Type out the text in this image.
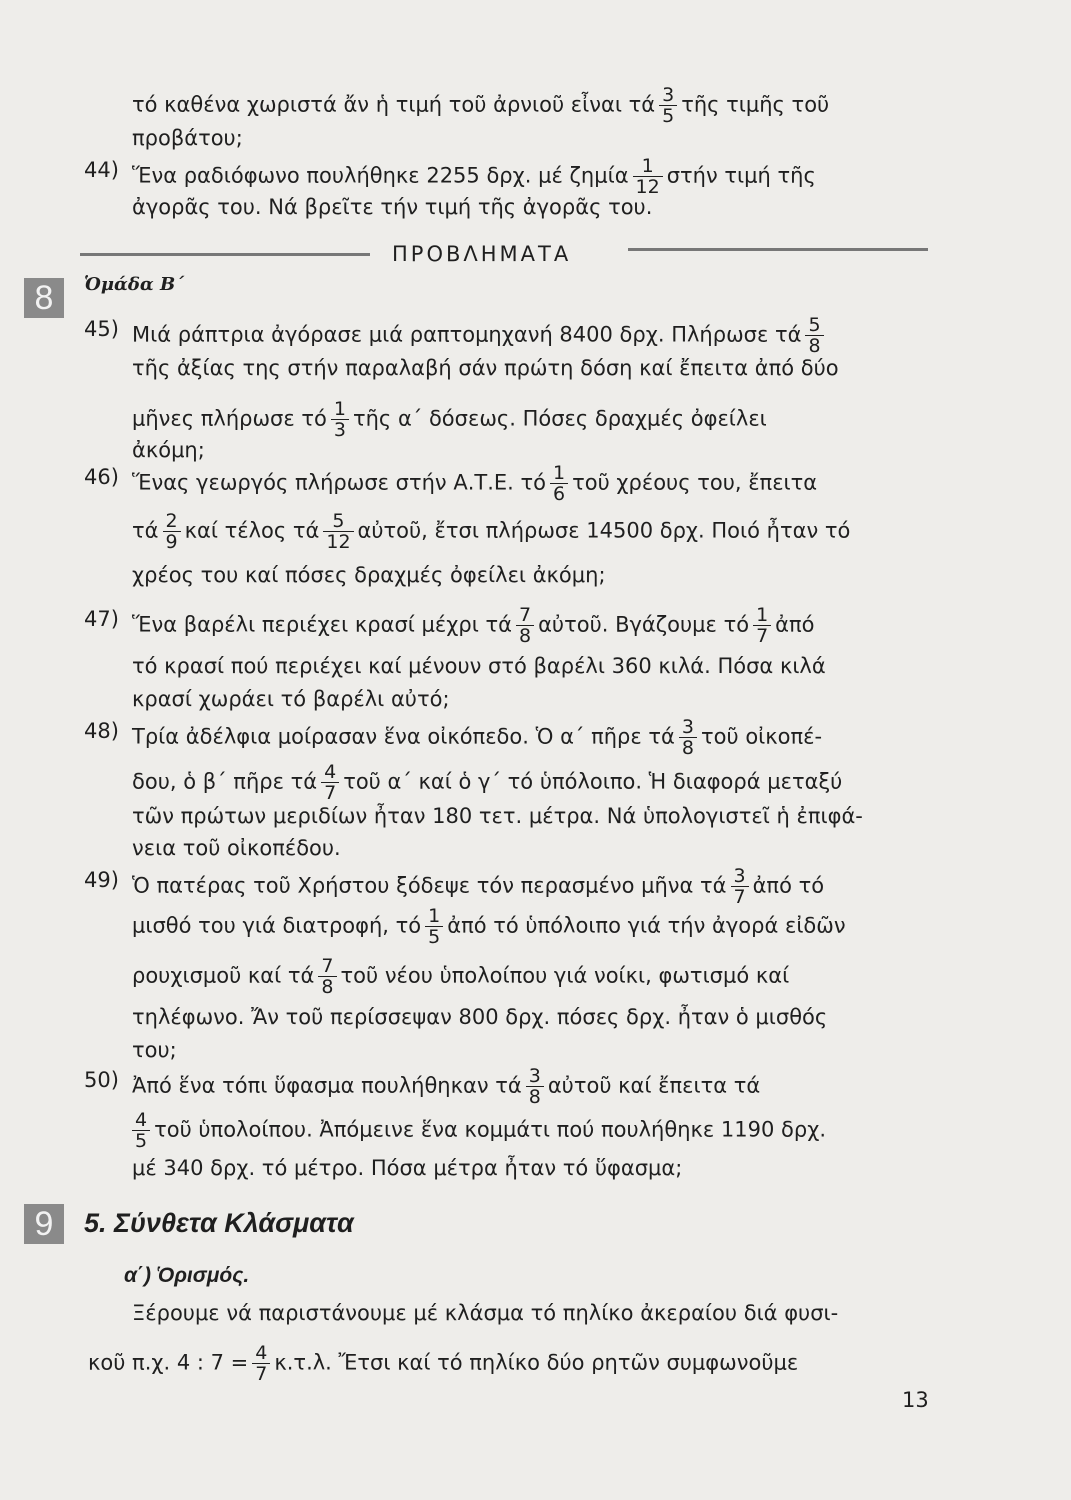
τό καθένα χωριστά ἄν ἡ τιμή τοῦ ἀρνιοῦ εἶναι τά $\frac{3}{5}$ τῆς τιμῆς τοῦ
προβάτου;
44) Ἕνα ραδιόφωνο πουλήθηκε 2255 δρχ. μέ ζημία $\frac{1}{12}$ στήν τιμή τῆς
ἀγορᾶς του. Νά βρεῖτε τήν τιμή τῆς ἀγορᾶς του.
ΠΡΟΒΛΗΜΑΤΑ
8	Ὁμάδα Β΄
45) Μιά ράπτρια ἀγόρασε μιά ραπτομηχανή 8400 δρχ. Πλήρωσε τά $\frac{5}{8}$
τῆς ἀξίας της στήν παραλαβή σάν πρώτη δόση καί ἔπειτα ἀπό δύο
μῆνες πλήρωσε τό $\frac{1}{3}$ τῆς α΄ δόσεως. Πόσες δραχμές ὀφείλει
ἀκόμη;
46) Ἕνας γεωργός πλήρωσε στήν Α.Τ.Ε. τό $\frac{1}{6}$ τοῦ χρέους του, ἔπειτα
τά $\frac{2}{9}$ καί τέλος τά $\frac{5}{12}$ αὐτοῦ, ἔτσι πλήρωσε 14500 δρχ. Ποιό ἦταν τό
χρέος του καί πόσες δραχμές ὀφείλει ἀκόμη;
47) Ἕνα βαρέλι περιέχει κρασί μέχρι τά $\frac{7}{8}$ αὐτοῦ. Βγάζουμε τό $\frac{1}{7}$ ἀπό
τό κρασί πού περιέχει καί μένουν στό βαρέλι 360 κιλά. Πόσα κιλά
κρασί χωράει τό βαρέλι αὐτό;
48) Τρία ἀδέλφια μοίρασαν ἕνα οἰκόπεδο. Ὁ α΄ πῆρε τά $\frac{3}{8}$ τοῦ οἰκοπέ-
δου, ὁ β΄ πῆρε τά $\frac{4}{7}$ τοῦ α΄ καί ὁ γ΄ τό ὑπόλοιπο. Ἡ διαφορά μεταξύ
τῶν πρώτων μεριδίων ἦταν 180 τετ. μέτρα. Νά ὑπολογιστεῖ ἡ ἐπιφά-
νεια τοῦ οἰκοπέδου.
49) Ὁ πατέρας τοῦ Χρήστου ξόδεψε τόν περασμένο μῆνα τά $\frac{3}{7}$ ἀπό τό
μισθό του γιά διατροφή, τό $\frac{1}{5}$ ἀπό τό ὑπόλοιπο γιά τήν ἀγορά εἰδῶν
ρουχισμοῦ καί τά $\frac{7}{8}$ τοῦ νέου ὑπολοίπου γιά νοίκι, φωτισμό καί
τηλέφωνο. Ἄν τοῦ περίσσεψαν 800 δρχ. πόσες δρχ. ἦταν ὁ μισθός
του;
50) Ἀπό ἕνα τόπι ὕφασμα πουλήθηκαν τά $\frac{3}{8}$ αὐτοῦ καί ἔπειτα τά
$\frac{4}{5}$ τοῦ ὑπολοίπου. Ἀπόμεινε ἕνα κομμάτι πού πουλήθηκε 1190 δρχ.
μέ 340 δρχ. τό μέτρο. Πόσα μέτρα ἦταν τό ὕφασμα;
9	5. Σύνθετα Κλάσματα
α΄) Ὁρισμός.
Ξέρουμε νά παριστάνουμε μέ κλάσμα τό πηλίκο ἀκεραίου διά φυσι-
κοῦ π.χ. 4 : $7 = \frac{4}{7} \kappa.\tau.\lambda$. Ἔτσι καί τό πηλίκο δύο ρητῶν συμφωνοῦμε
13
